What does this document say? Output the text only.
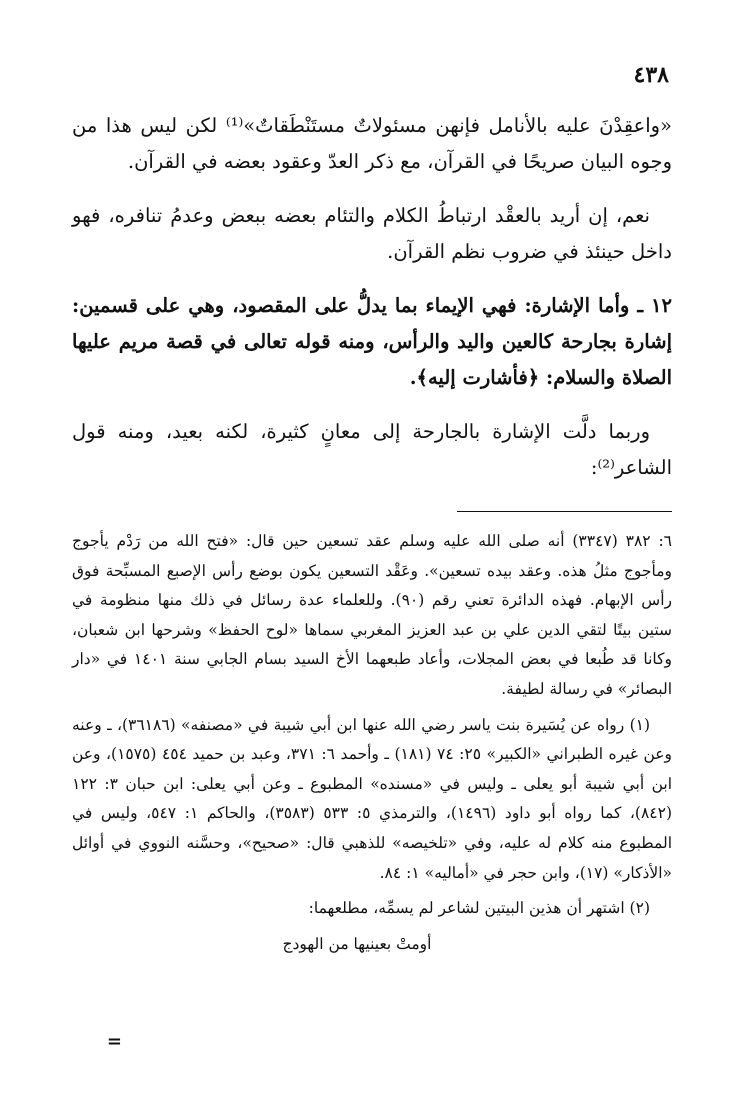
٤٣٨

«واعقِدْنَ عليه بالأنامل فإنهن مسئولاتٌ مستَنْطَقاتٌ»⁽¹⁾ لكن ليس هذا من وجوه البيان صريحًا في القرآن، مع ذكر العدّ وعقود بعضه في القرآن.

نعم، إن أريد بالعقْد ارتباطُ الكلام والتئام بعضه ببعض وعدمُ تنافره، فهو داخل حينئذ في ضروب نظم القرآن.

١٢ ـ وأما الإشارة: فهي الإيماء بما يدلُّ على المقصود، وهي على قسمين: إشارة بجارحة كالعين واليد والرأس، ومنه قوله تعالى في قصة مريم عليها الصلاة والسلام: ﴿فأشارت إليه﴾.

وربما دلَّت الإشارة بالجارحة إلى معانٍ كثيرة، لكنه بعيد، ومنه قول الشاعر⁽²⁾:

٦: ٣٨٢ (٣٣٤٧) أنه صلى الله عليه وسلم عقد تسعين حين قال: «فتح الله من رَدْم يأجوج ومأجوج مثلُ هذه. وعقد بيده تسعين». وعَقْد التسعين يكون بوضع رأس الإصبع المسبِّحة فوق رأس الإبهام. فهذه الدائرة تعني رقم (٩٠). وللعلماء عدة رسائل في ذلك منها منظومة في ستين بيتًا لتقي الدين علي بن عبد العزيز المغربي سماها «لوح الحفظ» وشرحها ابن شعبان، وكانا قد طُبعا في بعض المجلات، وأعاد طبعهما الأخ السيد بسام الجابي سنة ١٤٠١ في «دار البصائر» في رسالة لطيفة.

(١) رواه عن يُسَيرة بنت ياسر رضي الله عنها ابن أبي شيبة في «مصنفه» (٣٦١٨٦)، ـ وعنه وعن غيره الطبراني «الكبير» ٢٥: ٧٤ (١٨١) ـ وأحمد ٦: ٣٧١، وعبد بن حميد ٤٥٤ (١٥٧٥)، وعن ابن أبي شيبة أبو يعلى ـ وليس في «مسنده» المطبوع ـ وعن أبي يعلى: ابن حبان ٣: ١٢٢ (٨٤٢)، كما رواه أبو داود (١٤٩٦)، والترمذي ٥: ٥٣٣ (٣٥٨٣)، والحاكم ١: ٥٤٧، وليس في المطبوع منه كلام له عليه، وفي «تلخيصه» للذهبي قال: «صحيح»، وحسَّنه النووي في أوائل «الأذكار» (١٧)، وابن حجر في «أماليه» ١: ٨٤.

(٢) اشتهر أن هذين البيتين لشاعر لم يسمِّه، مطلعهما:

أومتْ بعينيها من الهودج

=
